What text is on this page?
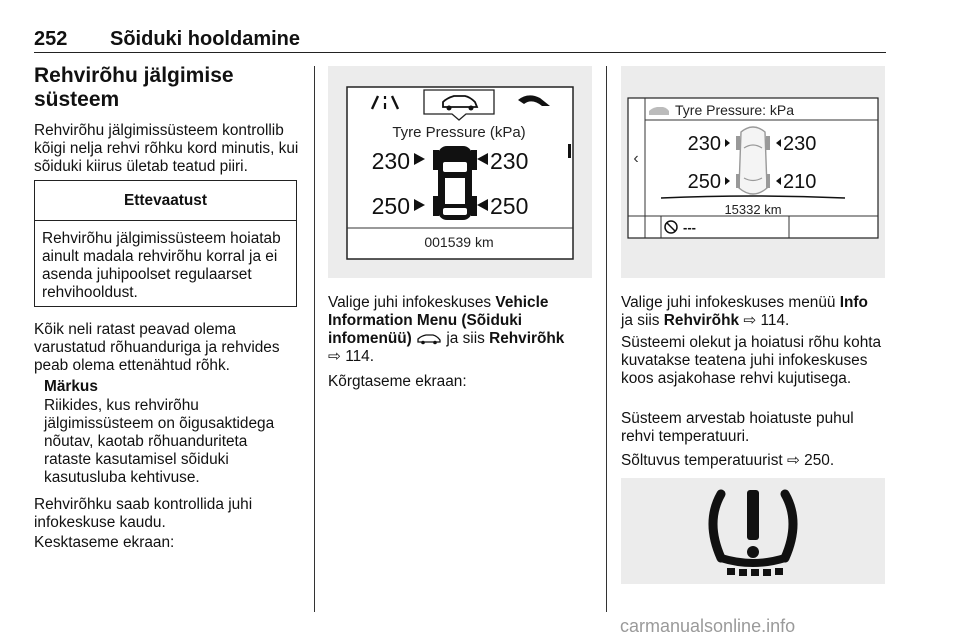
252 Sõiduki hooldamine
Rehvirõhu jälgimise süsteem

Rehvirõhu jälgimissüsteem kontrollib kõigi nelja rehvi rõhku kord minutis, kui sõiduki kiirus ületab teatud piiri.

Ettevaatust

Rehvirõhu jälgimissüsteem hoiatab ainult madala rehvirõhu korral ja ei asenda juhipoolset regulaarset rehvihooldust.

Kõik neli ratast peavad olema varustatud rõhuanduriga ja rehvides peab olema ettenähtud rõhk.

Märkus

Riikides, kus rehvirõhu jälgimissüsteem on õigusaktidega nõutav, kaotab rõhuanduriteta rataste kasutamisel sõiduki kasutusluba kehtivuse.

Rehvirõhku saab kontrollida juhi infokeskuse kaudu.

Kesktaseme ekraan:

Tyre Pressure (kPa)
230	230
250	250
001539 km

Valige juhi infokeskuses Vehicle Information Menu (Sõiduki infomenüü)  ja siis Rehvirõhk
⇨ 114.

Kõrgtaseme ekraan:

‹
Tyre Pressure: kPa
230	230
250	210
15332 km
---

Valige juhi infokeskuses menüü Info ja siis Rehvirõhk ⇨ 114.

Süsteemi olekut ja hoiatusi rõhu kohta kuvatakse teatena juhi infokeskuses koos asjakohase rehvi kujutisega.

Süsteem arvestab hoiatuste puhul rehvi temperatuuri.

Sõltuvus temperatuurist ⇨ 250.

carmanualsonline.info
